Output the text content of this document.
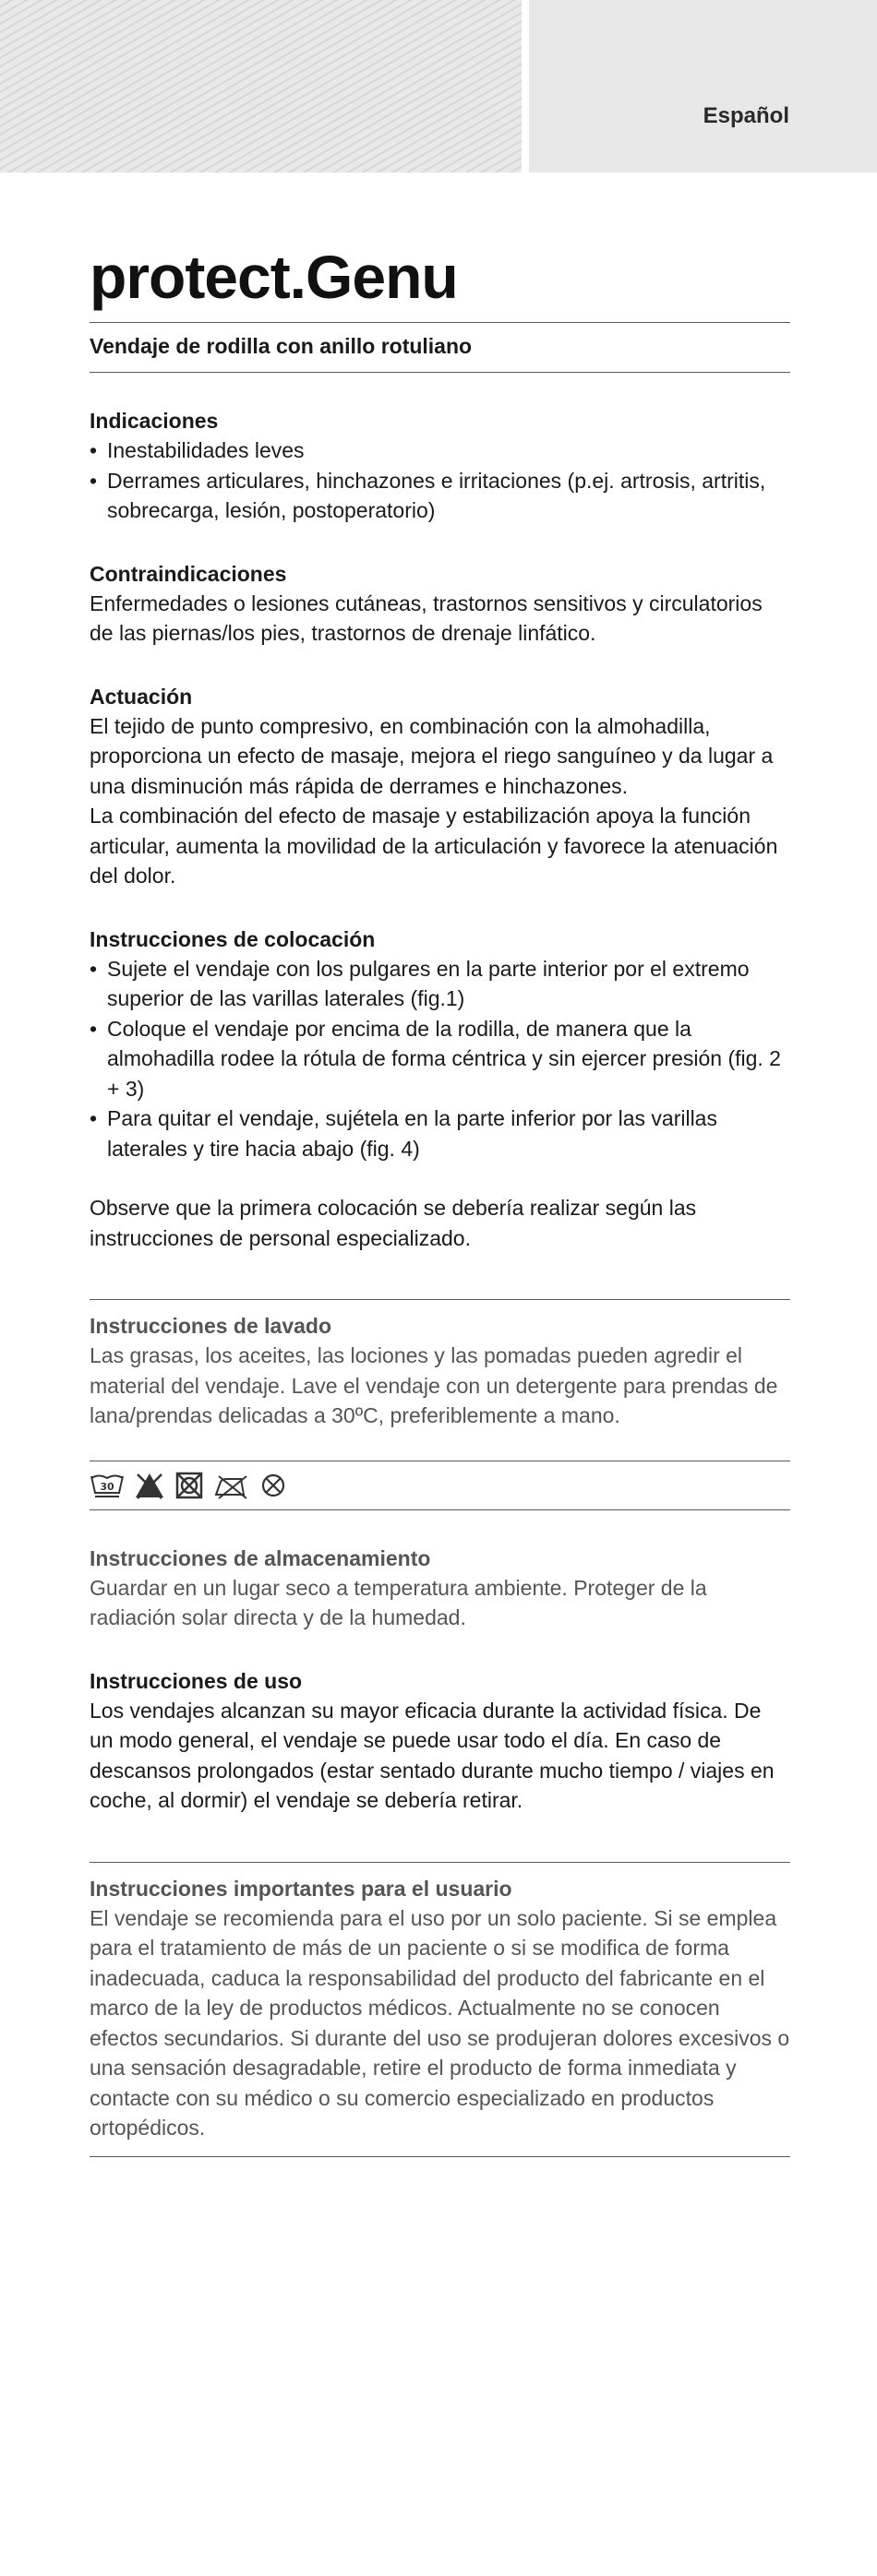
Español
protect.Genu
Vendaje de rodilla con anillo rotuliano
Indicaciones
• Inestabilidades leves
• Derrames articulares, hinchazones e irritaciones (p.ej. artrosis, artritis, sobrecarga, lesión, postoperatorio)
Contraindicaciones

Enfermedades o lesiones cutáneas, trastornos sensitivos y circulatorios de las piernas/los pies, trastornos de drenaje linfático.

Actuación

El tejido de punto compresivo, en combinación con la almohadilla, proporciona un efecto de masaje, mejora el riego sanguíneo y da lugar a una disminución más rápida de derrames e hinchazones.

La combinación del efecto de masaje y estabilización apoya la función articular, aumenta la movilidad de la articulación y favorece la atenuación del dolor.

Instrucciones de colocación
• Sujete el vendaje con los pulgares en la parte interior por el extremo superior de las varillas laterales (fig.1)
• Coloque el vendaje por encima de la rodilla, de manera que la almohadilla rodee la rótula de forma céntrica y sin ejercer presión (fig. 2 + 3)
• Para quitar el vendaje, sujétela en la parte inferior por las varillas laterales y tire hacia abajo (fig. 4)

Observe que la primera colocación se debería realizar según las instrucciones de personal especializado.

Instrucciones de lavado

Las grasas, los aceites, las lociones y las pomadas pueden agredir el material del vendaje. Lave el vendaje con un detergente para prendas de lana/prendas delicadas a 30ºC, preferiblemente a mano.

30
Instrucciones de almacenamiento

Guardar en un lugar seco a temperatura ambiente. Proteger de la radiación solar directa y de la humedad.

Instrucciones de uso

Los vendajes alcanzan su mayor eficacia durante la actividad física. De un modo general, el vendaje se puede usar todo el día. En caso de descansos prolongados (estar sentado durante mucho tiempo / viajes en coche, al dormir) el vendaje se debería retirar.

Instrucciones importantes para el usuario

El vendaje se recomienda para el uso por un solo paciente. Si se emplea para el tratamiento de más de un paciente o si se modifica de forma inadecuada, caduca la responsabilidad del producto del fabricante en el marco de la ley de productos médicos. Actualmente no se conocen efectos secundarios. Si durante del uso se produjeran dolores excesivos o una sensación desagradable, retire el producto de forma inmediata y contacte con su médico o su comercio especializado en productos ortopédicos.
